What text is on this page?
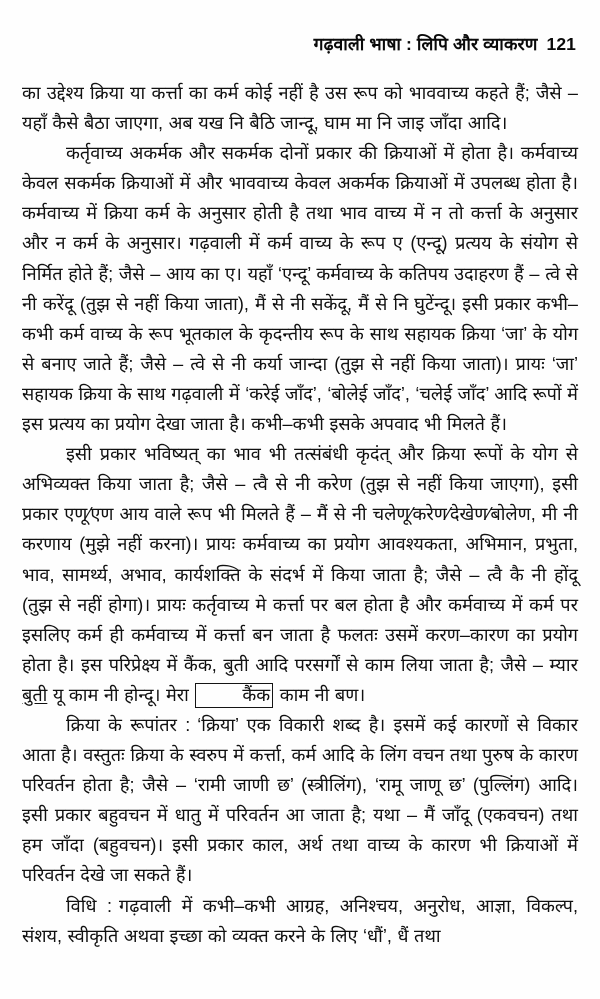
गढ़वाली भाषा : लिपि और व्याकरण 121

का उद्देश्य क्रिया या कर्त्ता का कर्म कोई नहीं है उस रूप को भाववाच्य कहते हैं; जैसे – यहाँ कैसे बैठा जाएगा, अब यख नि बैठि जान्दू, घाम मा नि जाइ जाँदा आदि।

कर्तृवाच्य अकर्मक और सकर्मक दोनों प्रकार की क्रियाओं में होता है। कर्मवाच्य केवल सकर्मक क्रियाओं में और भाववाच्य केवल अकर्मक क्रियाओं में उपलब्ध होता है। कर्मवाच्य में क्रिया कर्म के अनुसार होती है तथा भाव वाच्य में न तो कर्त्ता के अनुसार और न कर्म के अनुसार। गढ़वाली में कर्म वाच्य के रूप ए (एन्दू) प्रत्यय के संयोग से निर्मित होते हैं; जैसे – आय का ए। यहाँ ‘एन्दू’ कर्मवाच्य के कतिपय उदाहरण हैं – त्वे से नी करेंदू (तुझ से नहीं किया जाता), मैं से नी सकेंदू, मैं से नि घुटेंन्दू। इसी प्रकार कभी–कभी कर्म वाच्य के रूप भूतकाल के कृदन्तीय रूप के साथ सहायक क्रिया ‘जा’ के योग से बनाए जाते हैं; जैसे – त्वे से नी कर्या जान्दा (तुझ से नहीं किया जाता)। प्रायः ‘जा’ सहायक क्रिया के साथ गढ़वाली में ‘करेई जाँद’, ‘बोलेई जाँद’, ‘चलेई जाँद’ आदि रूपों में इस प्रत्यय का प्रयोग देखा जाता है। कभी–कभी इसके अपवाद भी मिलते हैं।

इसी प्रकार भविष्यत् का भाव भी तत्संबंधी कृदंत् और क्रिया रूपों के योग से अभिव्यक्त किया जाता है; जैसे – त्वै से नी करेण (तुझ से नहीं किया जाएगा), इसी प्रकार एणू⁄एण आय वाले रूप भी मिलते हैं – मैं से नी चलेणू⁄करेण⁄देखेण⁄बोलेण, मी नी करणाय (मुझे नहीं करना)। प्रायः कर्मवाच्य का प्रयोग आवश्यकता, अभिमान, प्रभुता, भाव, सामर्थ्य, अभाव, कार्यशक्ति के संदर्भ में किया जाता है; जैसे – त्वै कै नी होंदू (तुझ से नहीं होगा)। प्रायः कर्तृवाच्य मे कर्त्ता पर बल होता है और कर्मवाच्य में कर्म पर इसलिए कर्म ही कर्मवाच्य में कर्त्ता बन जाता है फलतः उसमें करण–कारण का प्रयोग होता है। इस परिप्रेक्ष्य में कैंक, बुती आदि परसर्गों से काम लिया जाता है; जैसे – म्यार बुती यू काम नी होन्दू। मेरा	कैंक काम नी बण।

क्रिया के रूपांतर : ‘क्रिया’ एक विकारी शब्द है। इसमें कई कारणों से विकार आता है। वस्तुतः क्रिया के स्वरुप में कर्त्ता, कर्म आदि के लिंग वचन तथा पुरुष के कारण परिवर्तन होता है; जैसे – ‘रामी जाणी छ’ (स्त्रीलिंग), ‘रामू जाणू छ’ (पुल्लिंग) आदि। इसी प्रकार बहुवचन में धातु में परिवर्तन आ जाता है; यथा – मैं जाँदू (एकवचन) तथा हम जाँदा (बहुवचन)। इसी प्रकार काल, अर्थ तथा वाच्य के कारण भी क्रियाओं में परिवर्तन देखे जा सकते हैं।

विधि : गढ़वाली में कभी–कभी आग्रह, अनिश्चय, अनुरोध, आज्ञा, विकल्प, संशय, स्वीकृति अथवा इच्छा को व्यक्त करने के लिए ‘धौं’, धैं तथा
